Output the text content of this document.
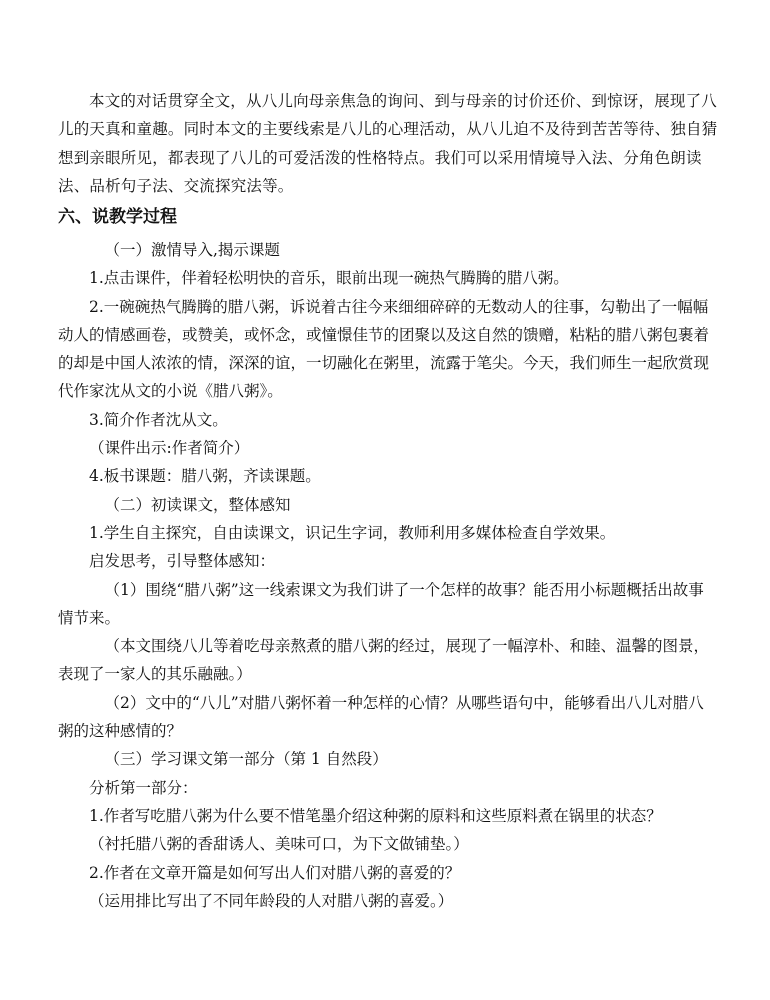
本文的对话贯穿全文，从八儿向母亲焦急的询问、到与母亲的讨价还价、到惊讶，展现了八儿的天真和童趣。同时本文的主要线索是八儿的心理活动，从八儿迫不及待到苦苦等待、独自猜想到亲眼所见，都表现了八儿的可爱活泼的性格特点。我们可以采用情境导入法、分角色朗读法、品析句子法、交流探究法等。

六、说教学过程

（一）激情导入,揭示课题

1.点击课件，伴着轻松明快的音乐，眼前出现一碗热气腾腾的腊八粥。

2.一碗碗热气腾腾的腊八粥，诉说着古往今来细细碎碎的无数动人的往事，勾勒出了一幅幅动人的情感画卷，或赞美，或怀念，或憧憬佳节的团聚以及这自然的馈赠，粘粘的腊八粥包裹着的却是中国人浓浓的情，深深的谊，一切融化在粥里，流露于笔尖。今天，我们师生一起欣赏现代作家沈从文的小说《腊八粥》。

3.简介作者沈从文。

（课件出示:作者简介）

4.板书课题：腊八粥，齐读课题。

（二）初读课文，整体感知

1.学生自主探究，自由读课文，识记生字词，教师利用多媒体检查自学效果。

启发思考，引导整体感知：

（1）围绕“腊八粥”这一线索课文为我们讲了一个怎样的故事？能否用小标题概括出故事情节来。

（本文围绕八儿等着吃母亲熬煮的腊八粥的经过，展现了一幅淳朴、和睦、温馨的图景，表现了一家人的其乐融融。）

（2）文中的“八儿”对腊八粥怀着一种怎样的心情？从哪些语句中，能够看出八儿对腊八粥的这种感情的？

（三）学习课文第一部分（第 1 自然段）

分析第一部分：

1.作者写吃腊八粥为什么要不惜笔墨介绍这种粥的原料和这些原料煮在锅里的状态？

（衬托腊八粥的香甜诱人、美味可口，为下文做铺垫。）

2.作者在文章开篇是如何写出人们对腊八粥的喜爱的？

（运用排比写出了不同年龄段的人对腊八粥的喜爱。）
